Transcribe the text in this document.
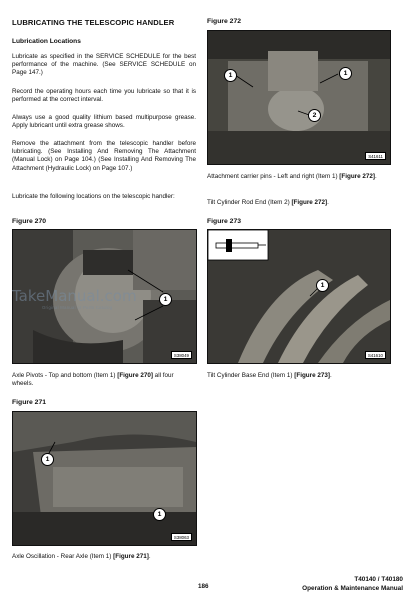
LUBRICATING THE TELESCOPIC HANDLER
Lubrication Locations
Lubricate as specified in the SERVICE SCHEDULE for the best performance of the machine. (See SERVICE SCHEDULE on Page 147.)
Record the operating hours each time you lubricate so that it is performed at the correct interval.
Always use a good quality lithium based multipurpose grease. Apply lubricant until extra grease shows.
Remove the attachment from the telescopic handler before lubricating. (See Installing And Removing The Attachment (Manual Lock) on Page 104.) (See Installing And Removing The Attachment (Hydraulic Lock) on Page 107.)
Lubricate the following locations on the telescopic handler:
Figure 270
1
S38049
TakeManual.com
Original Manual or Parts Catalog
Axle Pivots - Top and bottom (Item 1) [Figure 270] all four wheels.
Figure 271
1
1
S38063
Axle Oscillation - Rear Axle (Item 1) [Figure 271].
Figure 272
1	1
2
S41611
Attachment carrier pins - Left and right (Item 1) [Figure 272].
Tilt Cylinder Rod End (Item 2) [Figure 272].
Figure 273
1
S41610
Tilt Cylinder Base End (Item 1) [Figure 273].
186
T40140 / T40180
Operation & Maintenance Manual
